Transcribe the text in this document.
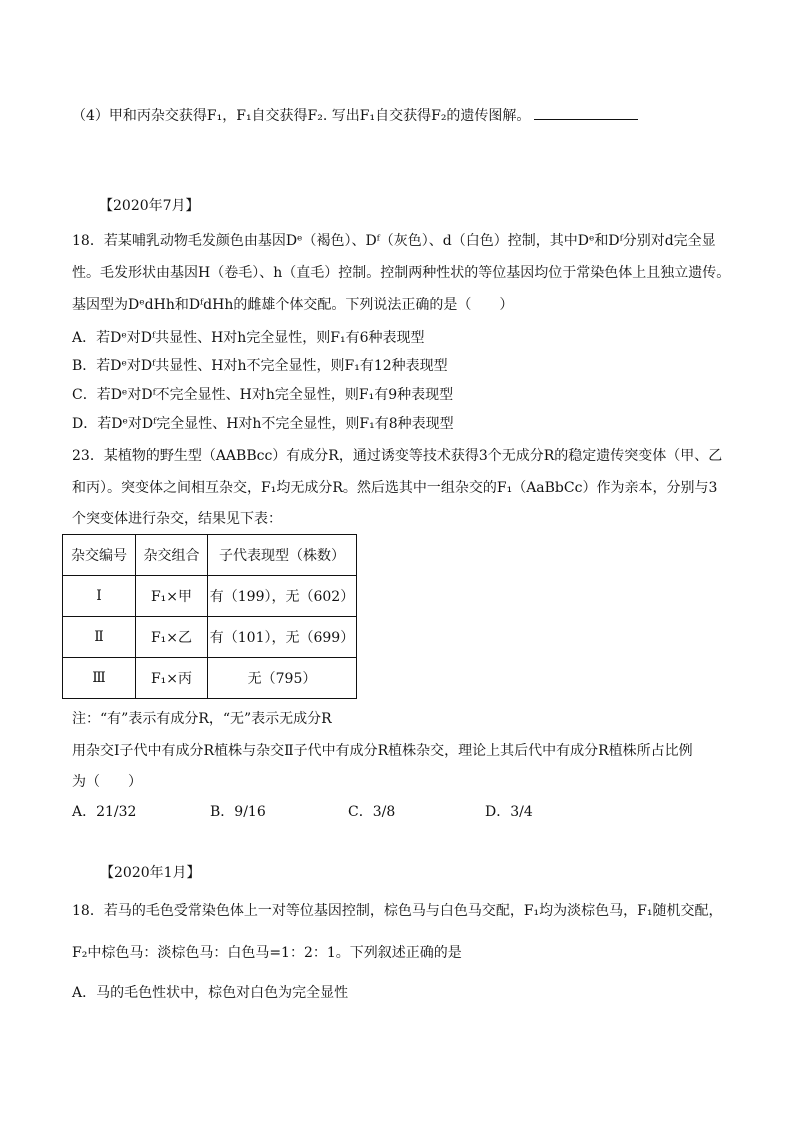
（4）甲和丙杂交获得F₁，F₁自交获得F₂. 写出F₁自交获得F₂的遗传图解。
【2020年7月】
18．若某哺乳动物毛发颜色由基因Dᵉ（褐色）、Dᶠ（灰色）、d（白色）控制，其中Dᵉ和Dᶠ分别对d完全显
性。毛发形状由基因H（卷毛）、h（直毛）控制。控制两种性状的等位基因均位于常染色体上且独立遗传。
基因型为DᵉdHh和DᶠdHh的雌雄个体交配。下列说法正确的是（　　）
A．若Dᵉ对Dᶠ共显性、H对h完全显性，则F₁有6种表现型
B．若Dᵉ对Dᶠ共显性、H对h不完全显性，则F₁有12种表现型
C．若Dᵉ对Dᶠ不完全显性、H对h完全显性，则F₁有9种表现型
D．若Dᵉ对Dᶠ完全显性、H对h不完全显性，则F₁有8种表现型
23．某植物的野生型（AABBcc）有成分R，通过诱变等技术获得3个无成分R的稳定遗传突变体（甲、乙
和丙）。突变体之间相互杂交，F₁均无成分R。然后选其中一组杂交的F₁（AaBbCc）作为亲本，分别与3
个突变体进行杂交，结果见下表：
杂交编号	杂交组合	子代表现型（株数）
Ⅰ	F₁×甲	有（199），无（602）
Ⅱ	F₁×乙	有（101），无（699）
Ⅲ	F₁×丙	无（795）
注：“有”表示有成分R，“无”表示无成分R
用杂交Ⅰ子代中有成分R植株与杂交Ⅱ子代中有成分R植株杂交，理论上其后代中有成分R植株所占比例
为（　　）
A．21/32	B．9/16	C．3/8	D．3/4
【2020年1月】
18．若马的毛色受常染色体上一对等位基因控制，棕色马与白色马交配，F₁均为淡棕色马，F₁随机交配，
F₂中棕色马：淡棕色马：白色马=1：2：1。下列叙述正确的是
A．马的毛色性状中，棕色对白色为完全显性
